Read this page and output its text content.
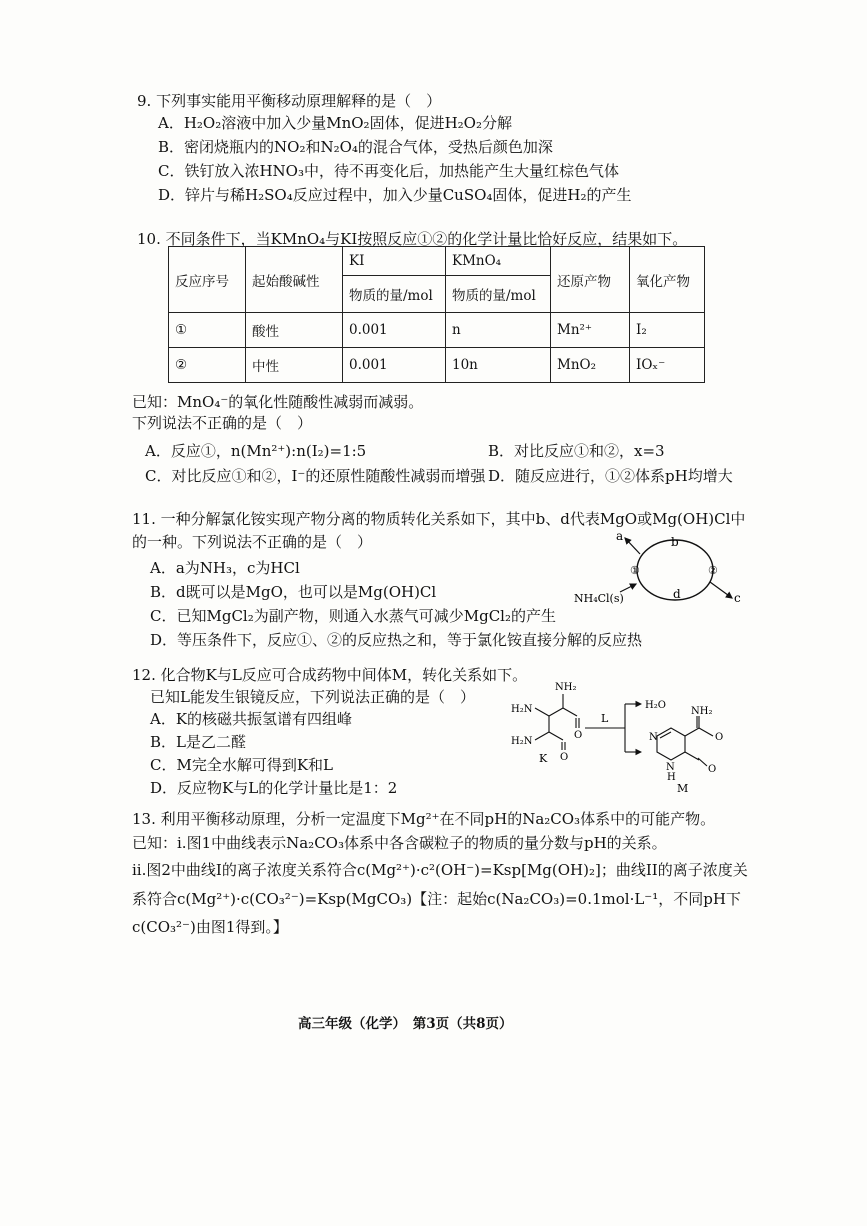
9. 下列事实能用平衡移动原理解释的是（　）
A．H₂O₂溶液中加入少量MnO₂固体，促进H₂O₂分解
B．密闭烧瓶内的NO₂和N₂O₄的混合气体，受热后颜色加深
C．铁钉放入浓HNO₃中，待不再变化后，加热能产生大量红棕色气体
D．锌片与稀H₂SO₄反应过程中，加入少量CuSO₄固体，促进H₂的产生
10. 不同条件下，当KMnO₄与KI按照反应①②的化学计量比恰好反应，结果如下。
反应序号	起始酸碱性	KI	KMnO₄	还原产物	氧化产物
		物质的量/mol	物质的量/mol		
①	酸性	0.001	n	Mn²⁺	I₂
②	中性	0.001	10n	MnO₂	IOₓ⁻
已知：MnO₄⁻的氧化性随酸性减弱而减弱。
下列说法不正确的是（　）
A．反应①，n(Mn²⁺):n(I₂)=1:5	B．对比反应①和②，x=3
C．对比反应①和②，I⁻的还原性随酸性减弱而增强 D．随反应进行，①②体系pH均增大
11. 一种分解氯化铵实现产物分离的物质转化关系如下，其中b、d代表MgO或Mg(OH)Cl中
的一种。下列说法不正确的是（　）
A．a为NH₃，c为HCl
B．d既可以是MgO，也可以是Mg(OH)Cl
C．已知MgCl₂为副产物，则通入水蒸气可减少MgCl₂的产生
D．等压条件下，反应①、②的反应热之和，等于氯化铵直接分解的反应热
a	b
c
d
①	②
NH₄Cl(s)
12. 化合物K与L反应可合成药物中间体M，转化关系如下。
已知L能发生银镜反应，下列说法正确的是（　）
A．K的核磁共振氢谱有四组峰
B．L是乙二醛
C．M完全水解可得到K和L
D．反应物K与L的化学计量比是1：2
NH₂
H₂N
H₂N
O
O
K
L
H₂O
NH₂
O
O
N
N
H
M
13. 利用平衡移动原理，分析一定温度下Mg²⁺在不同pH的Na₂CO₃体系中的可能产物。
已知：i.图1中曲线表示Na₂CO₃体系中各含碳粒子的物质的量分数与pH的关系。
ii.图2中曲线I的离子浓度关系符合c(Mg²⁺)·c²(OH⁻)=Ksp[Mg(OH)₂]；曲线II的离子浓度关
系符合c(Mg²⁺)·c(CO₃²⁻)=Ksp(MgCO₃)【注：起始c(Na₂CO₃)=0.1mol·L⁻¹，不同pH下
c(CO₃²⁻)由图1得到。】
高三年级（化学）　第3页（共8页）
